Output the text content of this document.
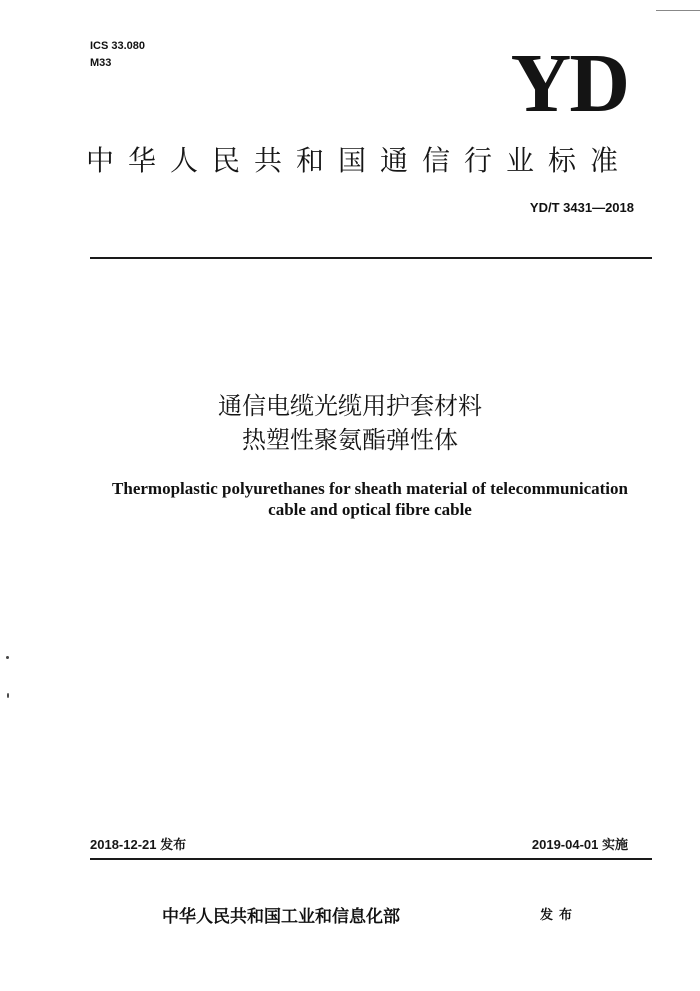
ICS 33.080
M33	YD
中华人民共和国通信行业标准
YD/T 3431—2018
通信电缆光缆用护套材料
热塑性聚氨酯弹性体
Thermoplastic polyurethanes for sheath material of telecommunication
cable and optical fibre cable
2018-12-21 发布	2019-04-01 实施
中华人民共和国工业和信息化部	发布
